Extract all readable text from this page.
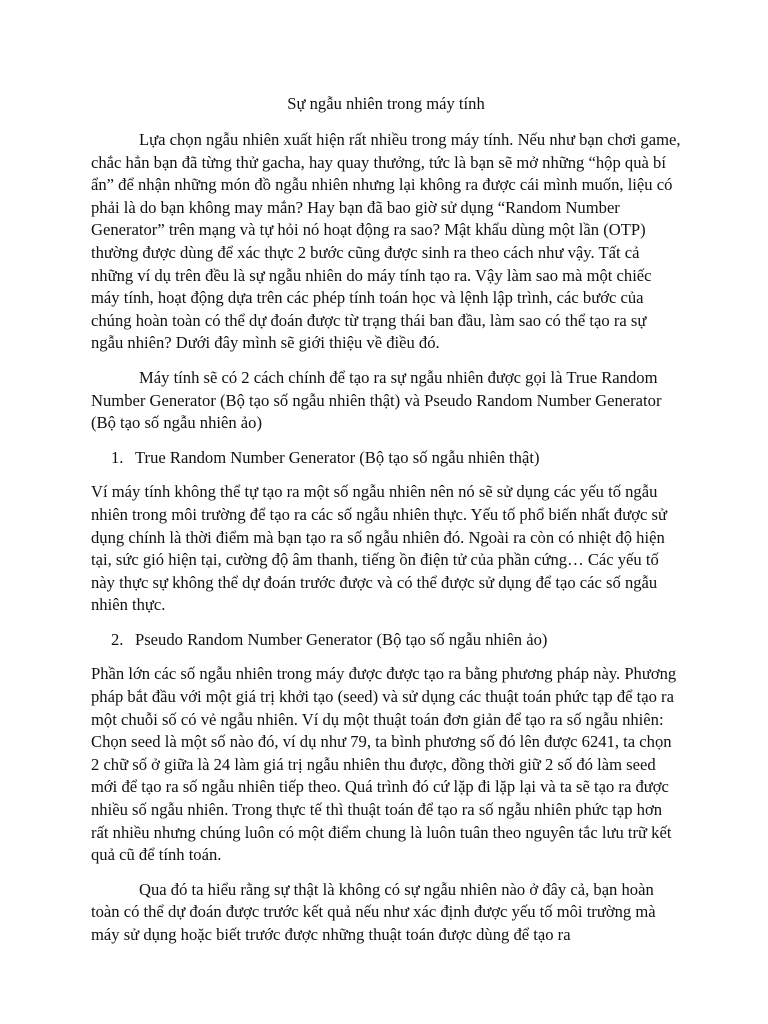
Sự ngẫu nhiên trong máy tính

Lựa chọn ngẫu nhiên xuất hiện rất nhiều trong máy tính. Nếu như bạn chơi game, chắc hẳn bạn đã từng thử gacha, hay quay thưởng, tức là bạn sẽ mở những “hộp quà bí ẩn” để nhận những món đồ ngẫu nhiên nhưng lại không ra được cái mình muốn, liệu có phải là do bạn không may mắn? Hay bạn đã bao giờ sử dụng “Random Number Generator” trên mạng và tự hỏi nó hoạt động ra sao? Mật khẩu dùng một lần (OTP) thường được dùng để xác thực 2 bước cũng được sinh ra theo cách như vậy. Tất cả những ví dụ trên đều là sự ngẫu nhiên do máy tính tạo ra. Vậy làm sao mà một chiếc máy tính, hoạt động dựa trên các phép tính toán học và lệnh lập trình, các bước của chúng hoàn toàn có thể dự đoán được từ trạng thái ban đầu, làm sao có thể tạo ra sự ngẫu nhiên? Dưới đây mình sẽ giới thiệu về điều đó.

Máy tính sẽ có 2 cách chính để tạo ra sự ngẫu nhiên được gọi là True Random Number Generator (Bộ tạo số ngẫu nhiên thật) và Pseudo Random Number Generator (Bộ tạo số ngẫu nhiên ảo)

1. True Random Number Generator (Bộ tạo số ngẫu nhiên thật)

Ví máy tính không thể tự tạo ra một số ngẫu nhiên nên nó sẽ sử dụng các yếu tố ngẫu nhiên trong môi trường để tạo ra các số ngẫu nhiên thực. Yếu tố phổ biến nhất được sử dụng chính là thời điểm mà bạn tạo ra số ngẫu nhiên đó. Ngoài ra còn có nhiệt độ hiện tại, sức gió hiện tại, cường độ âm thanh, tiếng ồn điện tử của phần cứng… Các yếu tố này thực sự không thể dự đoán trước được và có thể được sử dụng để tạo các số ngẫu nhiên thực.

2. Pseudo Random Number Generator (Bộ tạo số ngẫu nhiên ảo)

Phần lớn các số ngẫu nhiên trong máy được được tạo ra bằng phương pháp này. Phương pháp bắt đầu với một giá trị khởi tạo (seed) và sử dụng các thuật toán phức tạp để tạo ra một chuỗi số có vẻ ngẫu nhiên. Ví dụ một thuật toán đơn giản để tạo ra số ngẫu nhiên: Chọn seed là một số nào đó, ví dụ như 79, ta bình phương số đó lên được 6241, ta chọn 2 chữ số ở giữa là 24 làm giá trị ngẫu nhiên thu được, đồng thời giữ 2 số đó làm seed mới để tạo ra số ngẫu nhiên tiếp theo. Quá trình đó cứ lặp đi lặp lại và ta sẽ tạo ra được nhiều số ngẫu nhiên. Trong thực tế thì thuật toán để tạo ra số ngẫu nhiên phức tạp hơn rất nhiều nhưng chúng luôn có một điểm chung là luôn tuân theo nguyên tắc lưu trữ kết quả cũ để tính toán.

Qua đó ta hiểu rằng sự thật là không có sự ngẫu nhiên nào ở đây cả, bạn hoàn toàn có thể dự đoán được trước kết quả nếu như xác định được yếu tố môi trường mà máy sử dụng hoặc biết trước được những thuật toán được dùng để tạo ra
